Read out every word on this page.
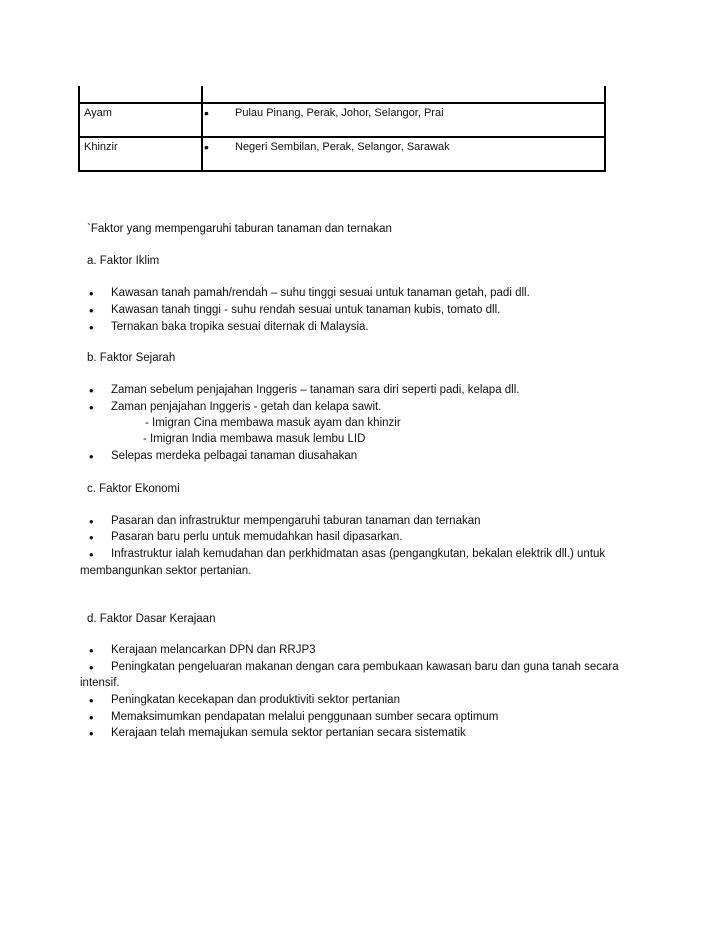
Ayam	• Pulau Pinang, Perak, Johor, Selangor, Prai
Khinzir	• Negeri Sembilan, Perak, Selangor, Sarawak
`Faktor yang mempengaruhi taburan tanaman dan ternakan
a. Faktor Iklim
• Kawasan tanah pamah/rendah – suhu tinggi sesuai untuk tanaman getah, padi dll.
• Kawasan tanah tinggi - suhu rendah sesuai untuk tanaman kubis, tomato dll.
• Ternakan baka tropika sesuai diternak di Malaysia.
b. Faktor Sejarah
• Zaman sebelum penjajahan Inggeris – tanaman sara diri seperti padi, kelapa dll.
• Zaman penjajahan Inggeris - getah dan kelapa sawit.
- Imigran Cina membawa masuk ayam dan khinzir
- Imigran India membawa masuk lembu LID
• Selepas merdeka pelbagai tanaman diusahakan
c. Faktor Ekonomi
• Pasaran dan infrastruktur mempengaruhi taburan tanaman dan ternakan
• Pasaran baru perlu untuk memudahkan hasil dipasarkan.
• Infrastruktur ialah kemudahan dan perkhidmatan asas (pengangkutan, bekalan elektrik dll.) untuk
membangunkan sektor pertanian.
d. Faktor Dasar Kerajaan
• Kerajaan melancarkan DPN dan RRJP3
• Peningkatan pengeluaran makanan dengan cara pembukaan kawasan baru dan guna tanah secara
intensif.
• Peningkatan kecekapan dan produktiviti sektor pertanian
• Memaksimumkan pendapatan melalui penggunaan sumber secara optimum
• Kerajaan telah memajukan semula sektor pertanian secara sistematik
